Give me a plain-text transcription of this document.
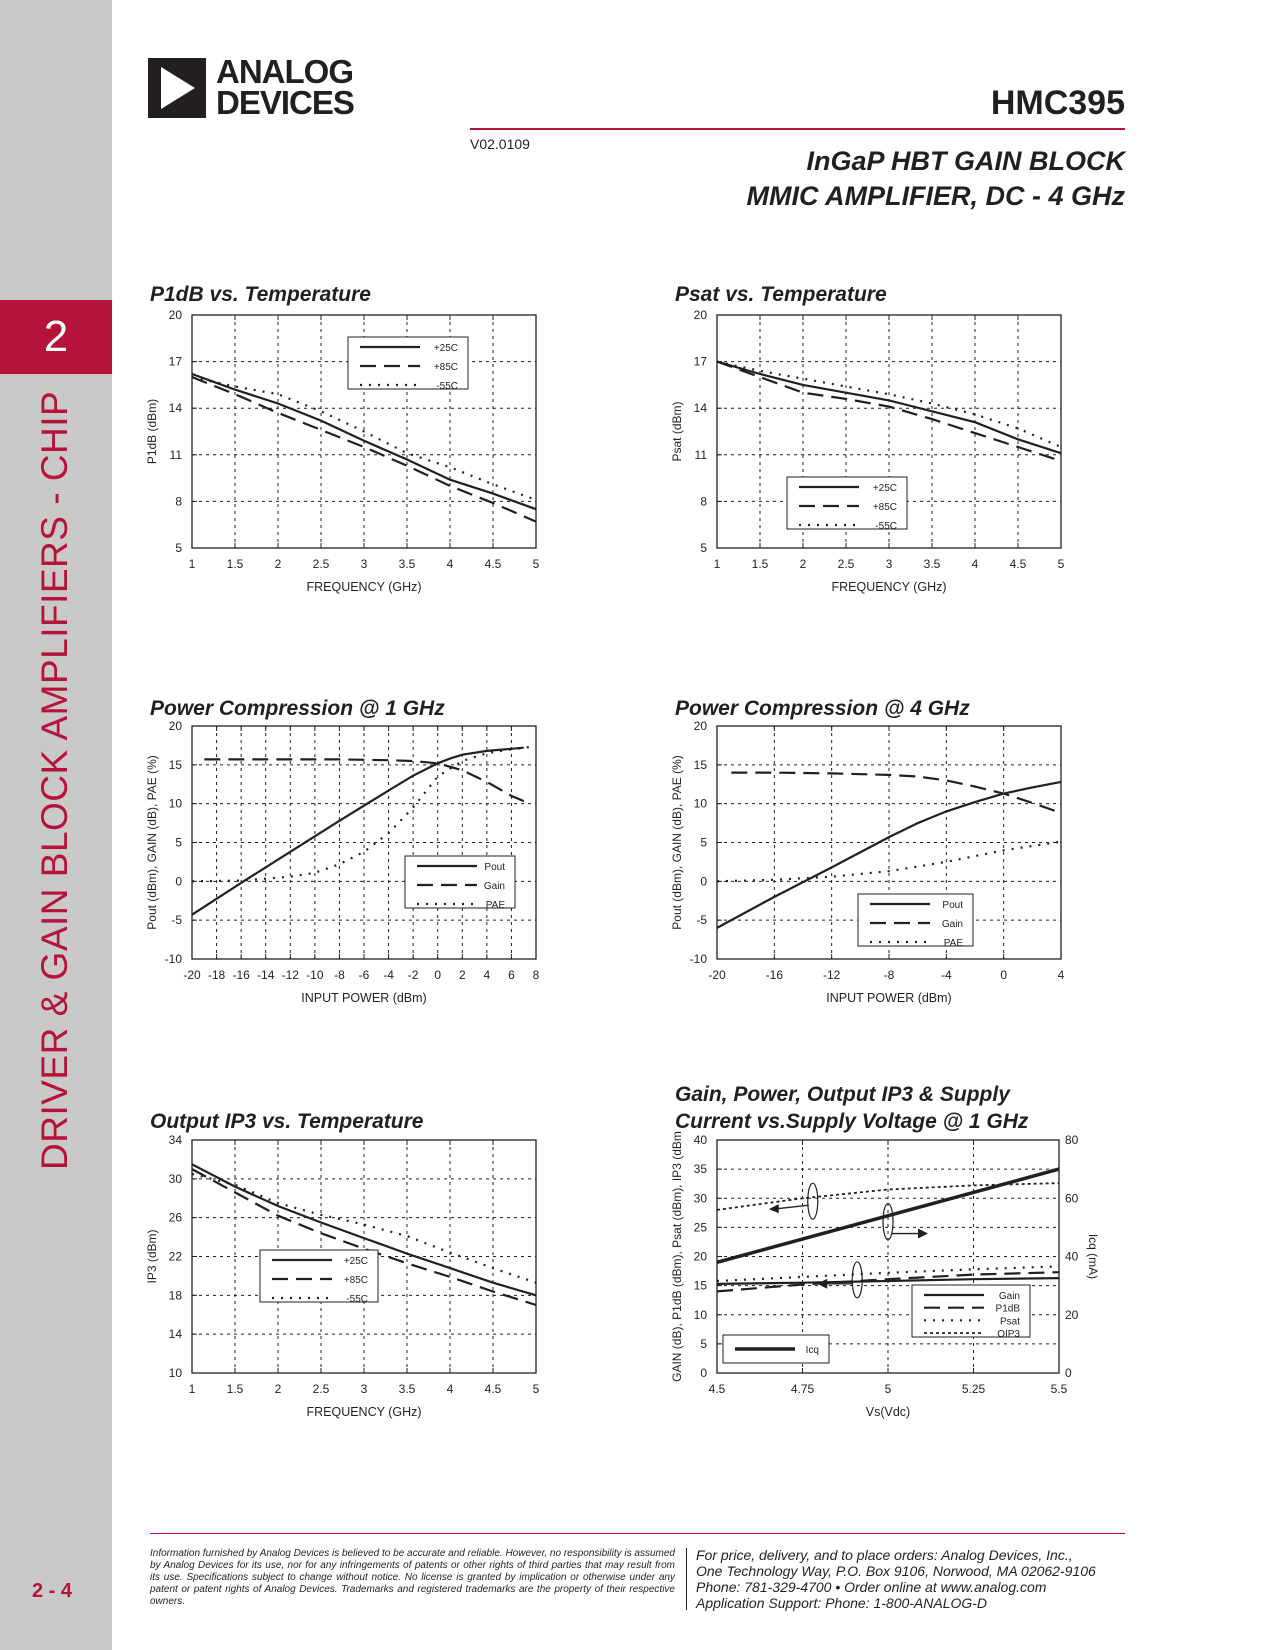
2
DRIVER & GAIN BLOCK AMPLIFIERS - CHIP
2 - 4
ANALOG
DEVICES	HMC395
V02.0109
InGaP HBT GAIN BLOCK
MMIC AMPLIFIER, DC - 4 GHz
P1dB vs. Temperature	Psat vs. Temperature
Power Compression @ 1 GHz	Power Compression @ 4 GHz
Output IP3 vs. Temperature
Gain, Power, Output IP3 & Supply
Current vs.Supply Voltage @ 1 GHz
1	1.5	2	2.5	3	3.5	4	4.5	5
20
17
14
11
8
5
FREQUENCY (GHz)
P1dB (dBm)
+25C
+85C
-55C
1	1.5	2	2.5	3	3.5	4	4.5	5
20
17
14
11
8
5
FREQUENCY (GHz)
Psat (dBm)
+25C
+85C
-55C
-20 -18 -16 -14 -12 -10 -8 -6 -4 -2 0 2 4 6 8
20
15
10
5
0
-5
-10
INPUT POWER (dBm)
Pout (dBm), GAIN (dB), PAE (%)	Pout
Gain
PAE
-20	-16	-12	-8	-4	0	4
20
15
10
5
0
-5
-10
INPUT POWER (dBm)
Pout (dBm), GAIN (dB), PAE (%)	Pout
Gain
PAE
1	1.5	2	2.5	3	3.5	4	4.5	5
34
30
26
22
18
14
10
FREQUENCY (GHz)
IP3 (dBm)	+25C
+85C
-55C
4.5	4.75	5	5.25	5.5
40
35
30
25
20
15
10
5
0
80
60
40
20
0
Vs(Vdc)
GAIN (dB), P1dB (dBm), Psat (dBm), IP3 (dBm	Icq (mA)
Gain
P1dB
Psat
OIP3
Icq
Information furnished by Analog Devices is believed to be accurate and reliable. However, no responsibility is assumed by Analog Devices for its use, nor for any infringements of patents or other rights of third parties that may result from its use. Specifications subject to change without notice. No license is granted by implication or otherwise under any patent or patent rights of Analog Devices. Trademarks and registered trademarks are the property of their respective owners.
For price, delivery, and to place orders: Analog Devices, Inc.,
One Technology Way, P.O. Box 9106, Norwood, MA 02062-9106
Phone: 781-329-4700 • Order online at www.analog.com
Application Support: Phone: 1-800-ANALOG-D
